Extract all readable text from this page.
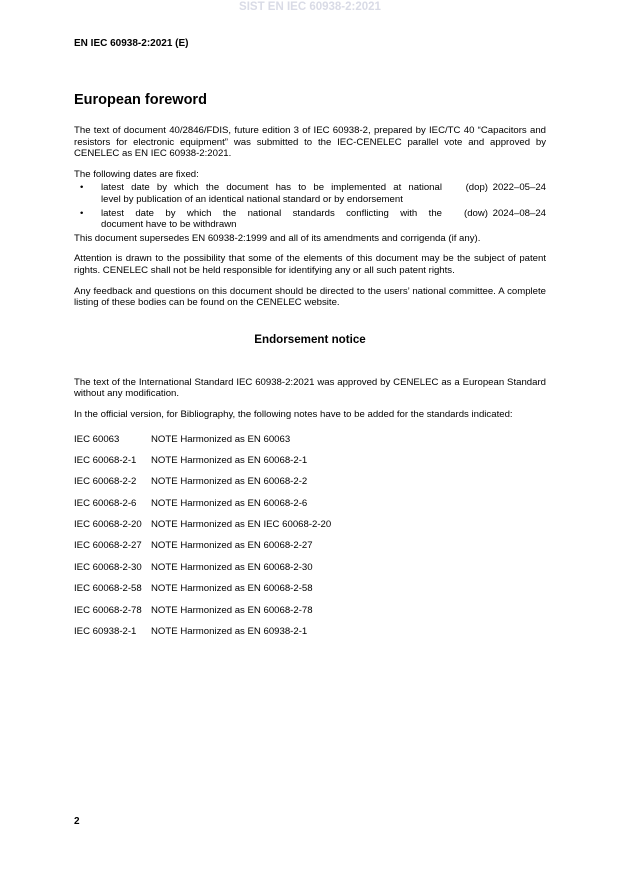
SIST EN IEC 60938-2:2021
EN IEC 60938-2:2021 (E)
European foreword

The text of document 40/2846/FDIS, future edition 3 of IEC 60938-2, prepared by IEC/TC 40 “Capacitors and resistors for electronic equipment” was submitted to the IEC-CENELEC parallel vote and approved by CENELEC as EN IEC 60938-2:2021.

The following dates are fixed:

•	latest date by which the document has to be implemented at national	(dop) 2022–05–24
level by publication of an identical national standard or by endorsement
•	latest date by which the national standards conflicting with the	(dow) 2024–08–24
document have to be withdrawn

This document supersedes EN 60938-2:1999 and all of its amendments and corrigenda (if any).

Attention is drawn to the possibility that some of the elements of this document may be the subject of patent rights. CENELEC shall not be held responsible for identifying any or all such patent rights.

Any feedback and questions on this document should be directed to the users’ national committee. A complete listing of these bodies can be found on the CENELEC website.

Endorsement notice

The text of the International Standard IEC 60938-2:2021 was approved by CENELEC as a European Standard without any modification.

In the official version, for Bibliography, the following notes have to be added for the standards indicated:

IEC 60063	NOTE Harmonized as EN 60063
IEC 60068-2-1	NOTE Harmonized as EN 60068-2-1
IEC 60068-2-2	NOTE Harmonized as EN 60068-2-2
IEC 60068-2-6	NOTE Harmonized as EN 60068-2-6
IEC 60068-2-20 NOTE Harmonized as EN IEC 60068-2-20
IEC 60068-2-27 NOTE Harmonized as EN 60068-2-27
IEC 60068-2-30 NOTE Harmonized as EN 60068-2-30
IEC 60068-2-58 NOTE Harmonized as EN 60068-2-58
IEC 60068-2-78 NOTE Harmonized as EN 60068-2-78
IEC 60938-2-1	NOTE Harmonized as EN 60938-2-1
2
